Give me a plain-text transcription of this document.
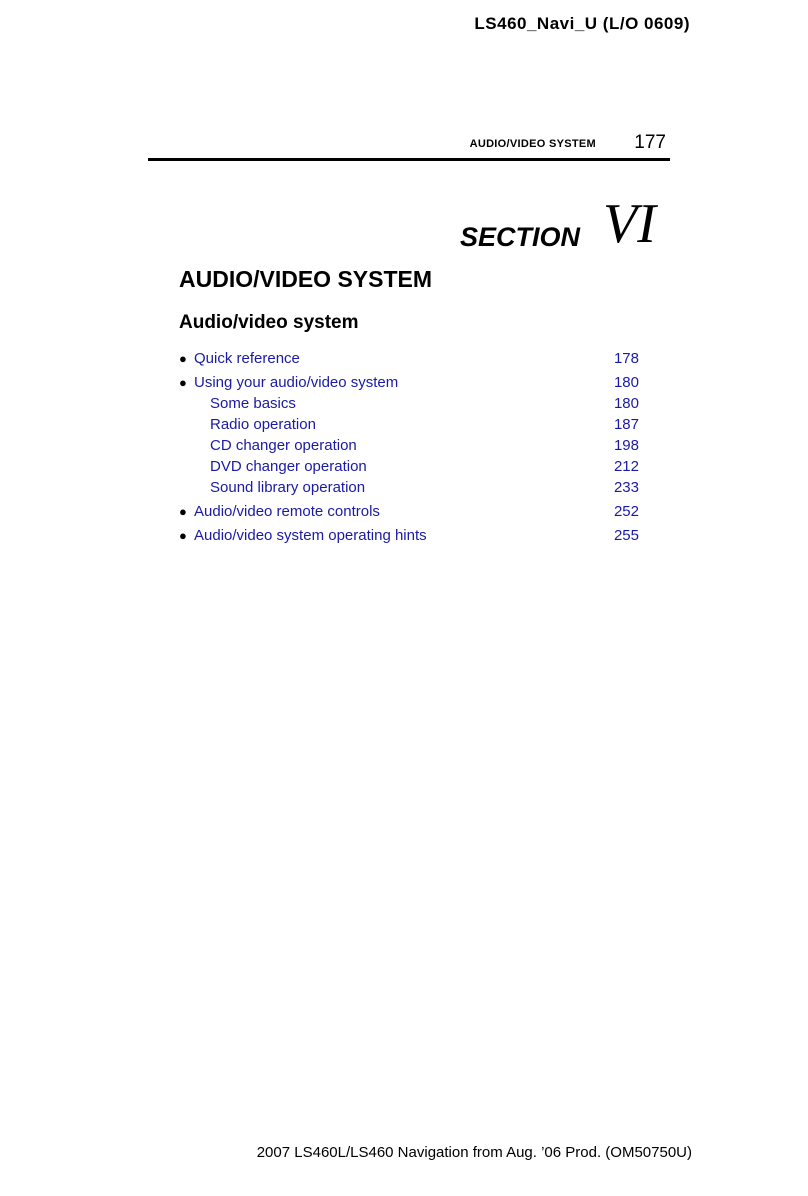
LS460_Navi_U (L/O 0609)
AUDIO/VIDEO SYSTEM 177
SECTION VI
AUDIO/VIDEO SYSTEM
Audio/video system
● Quick reference	178
● Using your audio/video system	180
Some basics	180
Radio operation	187
CD changer operation	198
DVD changer operation	212
Sound library operation	233
● Audio/video remote controls	252
● Audio/video system operating hints	255
2007 LS460L/LS460 Navigation from Aug. ’06 Prod. (OM50750U)
